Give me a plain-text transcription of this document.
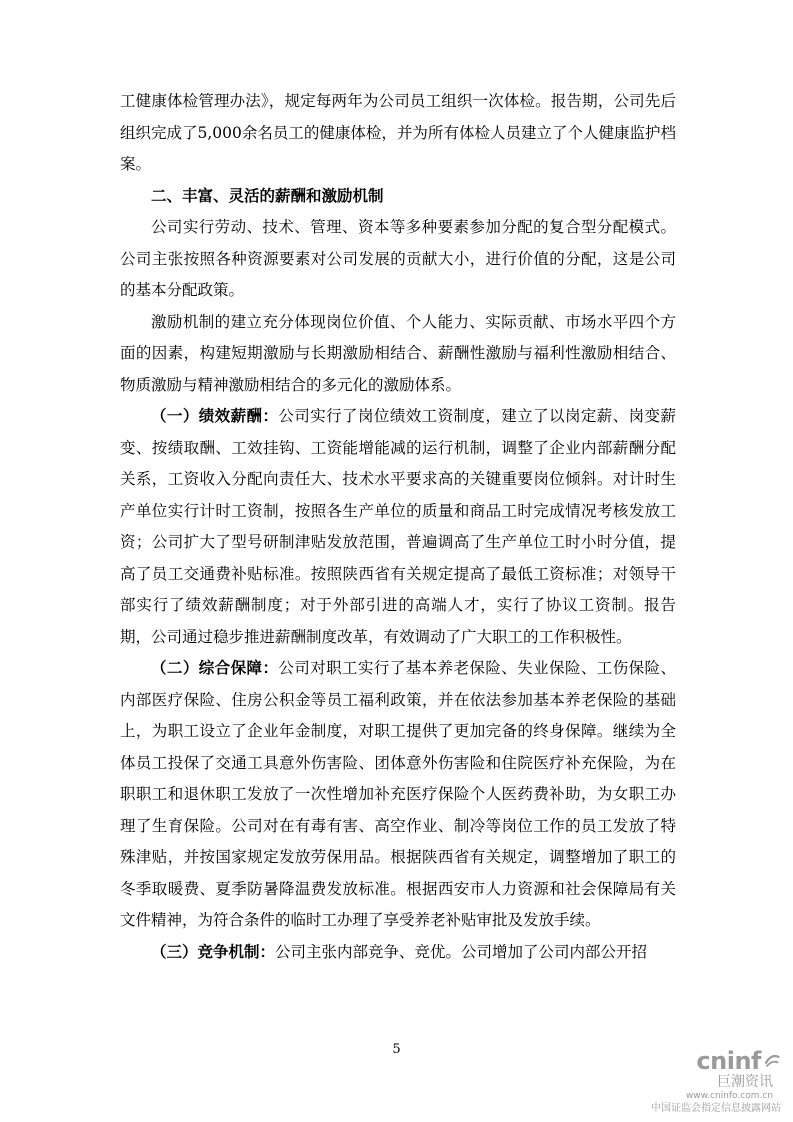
工健康体检管理办法》，规定每两年为公司员工组织一次体检。报告期，公司先后组织完成了5,000余名员工的健康体检，并为所有体检人员建立了个人健康监护档案。

二、丰富、灵活的薪酬和激励机制

公司实行劳动、技术、管理、资本等多种要素参加分配的复合型分配模式。公司主张按照各种资源要素对公司发展的贡献大小，进行价值的分配，这是公司的基本分配政策。

激励机制的建立充分体现岗位价值、个人能力、实际贡献、市场水平四个方面的因素，构建短期激励与长期激励相结合、薪酬性激励与福利性激励相结合、物质激励与精神激励相结合的多元化的激励体系。

（一）绩效薪酬：公司实行了岗位绩效工资制度，建立了以岗定薪、岗变薪变、按绩取酬、工效挂钩、工资能增能减的运行机制，调整了企业内部薪酬分配关系，工资收入分配向责任大、技术水平要求高的关键重要岗位倾斜。对计时生产单位实行计时工资制，按照各生产单位的质量和商品工时完成情况考核发放工资；公司扩大了型号研制津贴发放范围，普遍调高了生产单位工时小时分值，提高了员工交通费补贴标准。按照陕西省有关规定提高了最低工资标准；对领导干部实行了绩效薪酬制度；对于外部引进的高端人才，实行了协议工资制。报告期，公司通过稳步推进薪酬制度改革，有效调动了广大职工的工作积极性。

（二）综合保障：公司对职工实行了基本养老保险、失业保险、工伤保险、内部医疗保险、住房公积金等员工福利政策，并在依法参加基本养老保险的基础上，为职工设立了企业年金制度，对职工提供了更加完备的终身保障。继续为全体员工投保了交通工具意外伤害险、团体意外伤害险和住院医疗补充保险，为在职职工和退休职工发放了一次性增加补充医疗保险个人医药费补助，为女职工办理了生育保险。公司对在有毒有害、高空作业、制冷等岗位工作的员工发放了特殊津贴，并按国家规定发放劳保用品。根据陕西省有关规定，调整增加了职工的冬季取暖费、夏季防暑降温费发放标准。根据西安市人力资源和社会保障局有关文件精神，为符合条件的临时工办理了享受养老补贴审批及发放手续。

（三）竞争机制：公司主张内部竞争、竞优。公司增加了公司内部公开招

5	cninf
巨潮资讯
www.cninfo.com.cn
中国证监会指定信息披露网站
